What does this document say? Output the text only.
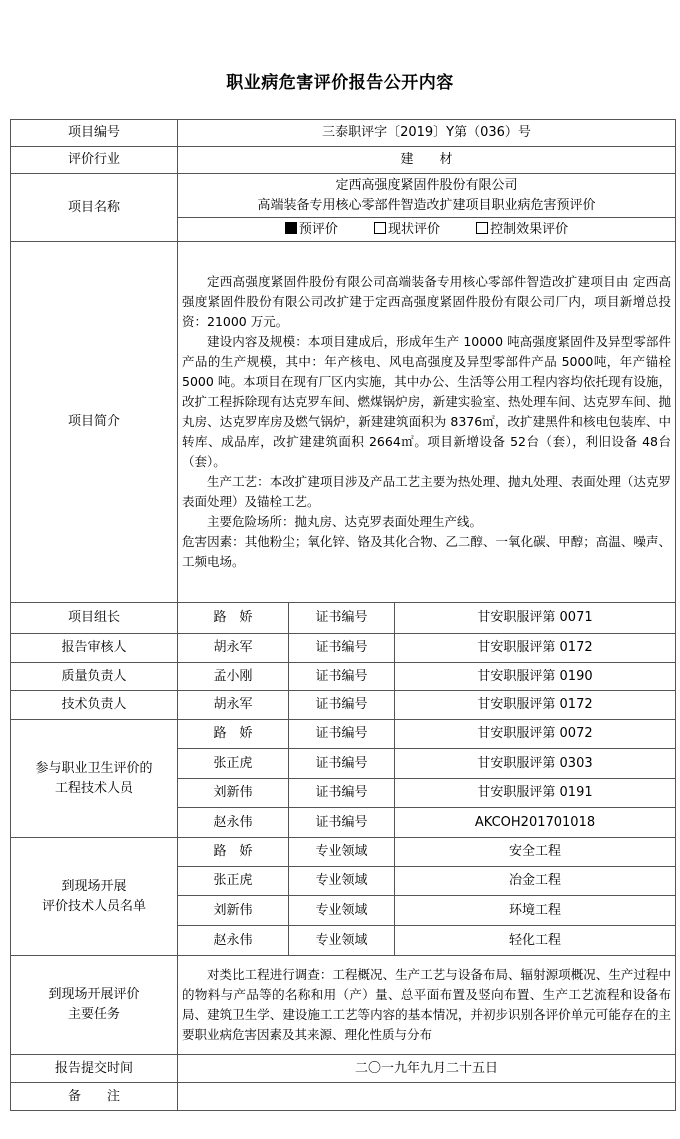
职业病危害评价报告公开内容
项目编号	三泰职评字〔2019〕Y第（036）号		
评价行业	建　　材		
项目名称	定西高强度紧固件股份有限公司
高端装备专用核心零部件智造改扩建项目职业病危害预评价		

	预评价 现状评价 控制效果评价		
项目简介	定西高强度紧固件股份有限公司高端装备专用核心零部件智造改扩建项目由 定西高强度紧固件股份有限公司改扩建于定西高强度紧固件股份有限公司厂内，项目新增总投资：21000 万元。

建设内容及规模：本项目建成后，形成年生产 10000 吨高强度紧固件及异型零部件产品的生产规模，其中：年产核电、风电高强度及异型零部件产品 5000吨，年产锚栓 5000 吨。本项目在现有厂区内实施，其中办公、生活等公用工程内容均依托现有设施，改扩工程拆除现有达克罗车间、燃煤锅炉房，新建实验室、热处理车间、达克罗车间、抛丸房、达克罗库房及燃气锅炉，新建建筑面积为 8376㎡，改扩建黑件和核电包装库、中转库、成品库，改扩建建筑面积 2664㎡。项目新增设备 52台（套），利旧设备 48台（套）。

生产工艺：本改扩建项目涉及产品工艺主要为热处理、抛丸处理、表面处理（达克罗表面处理）及锚栓工艺。

主要危险场所：抛丸房、达克罗表面处理生产线。

危害因素：其他粉尘；氧化锌、铬及其化合物、乙二醇、一氧化碳、甲醇；高温、噪声、工频电场。		

项目组长	路　娇	证书编号	甘安职服评第 0071
报告审核人	胡永军	证书编号	甘安职服评第 0172
质量负责人	孟小刚	证书编号	甘安职服评第 0190
技术负责人	胡永军	证书编号	甘安职服评第 0172

参与职业卫生评价的
工程技术人员	路　娇	证书编号	甘安职服评第 0072
	张正虎	证书编号	甘安职服评第 0303
	刘新伟	证书编号	甘安职服评第 0191
	赵永伟	证书编号	AKCOH201701018

到现场开展
评价技术人员名单	路　娇	专业领域	安全工程
	张正虎	专业领域	冶金工程
	刘新伟	专业领域	环境工程
	赵永伟	专业领域	轻化工程

到现场开展评价
主要任务	对类比工程进行调查：工程概况、生产工艺与设备布局、辐射源项概况、生产过程中的物料与产品等的名称和用（产）量、总平面布置及竖向布置、生产工艺流程和设备布局、建筑卫生学、建设施工工艺等内容的基本情况，并初步识别各评价单元可能存在的主要职业病危害因素及其来源、理化性质与分布		

报告提交时间	二〇一九年九月二十五日		
备　　注			
